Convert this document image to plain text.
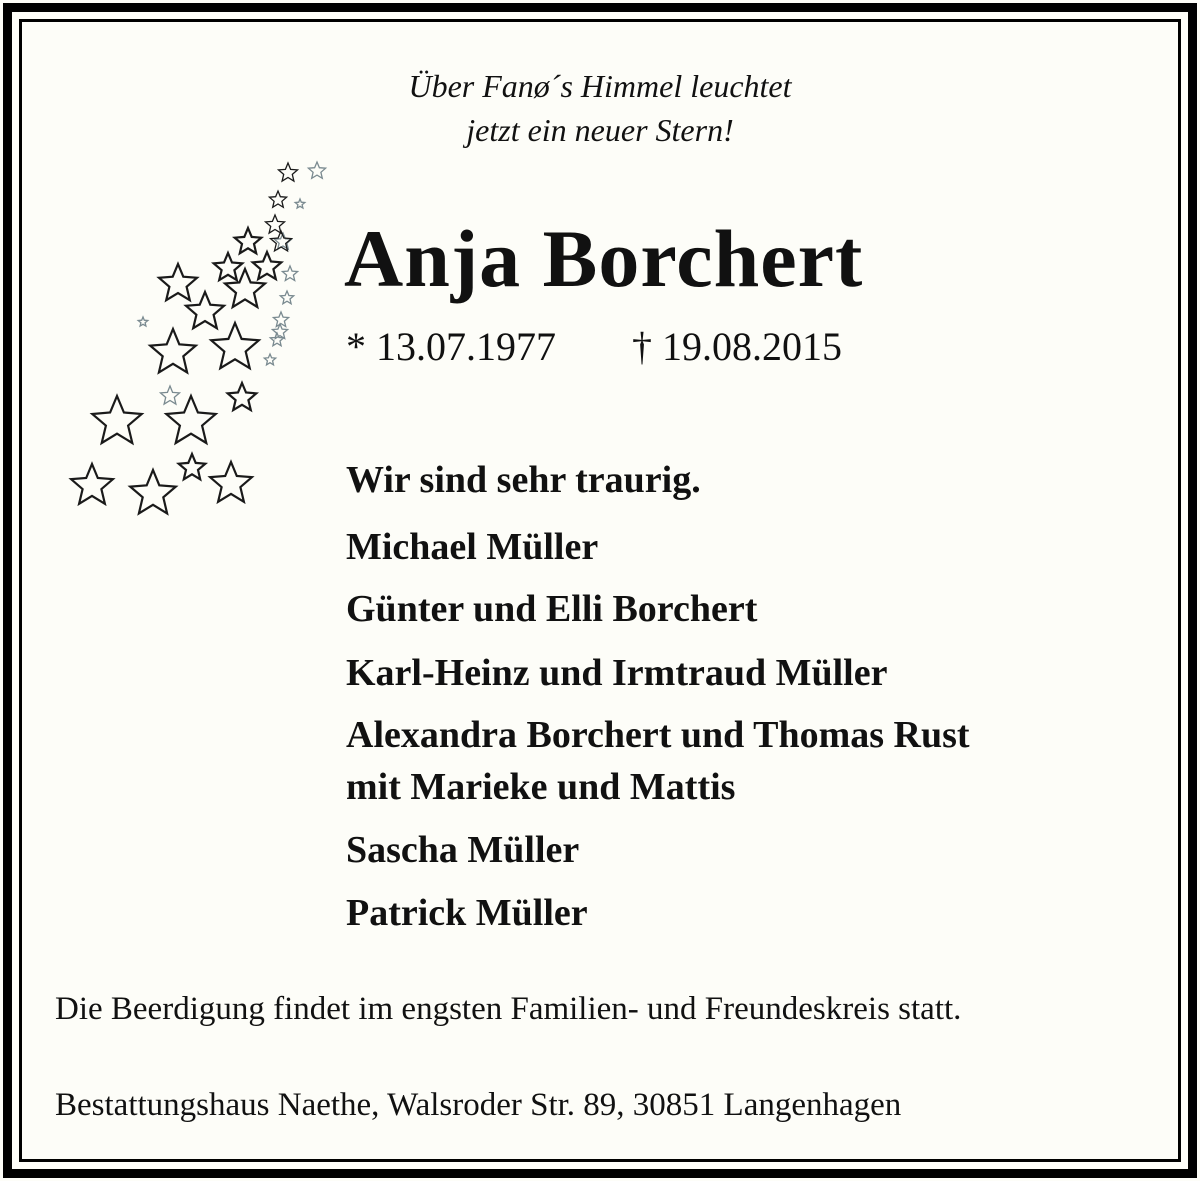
Über Fanø´s Himmel leuchtet

jetzt ein neuer Stern!

Anja Borchert

* 13.07.1977 † 19.08.2015

Wir sind sehr traurig.

Michael Müller

Günter und Elli Borchert

Karl-Heinz und Irmtraud Müller

Alexandra Borchert und Thomas Rust

mit Marieke und Mattis

Sascha Müller

Patrick Müller

Die Beerdigung findet im engsten Familien- und Freundeskreis statt.

Bestattungshaus Naethe, Walsroder Str. 89, 30851 Langenhagen
